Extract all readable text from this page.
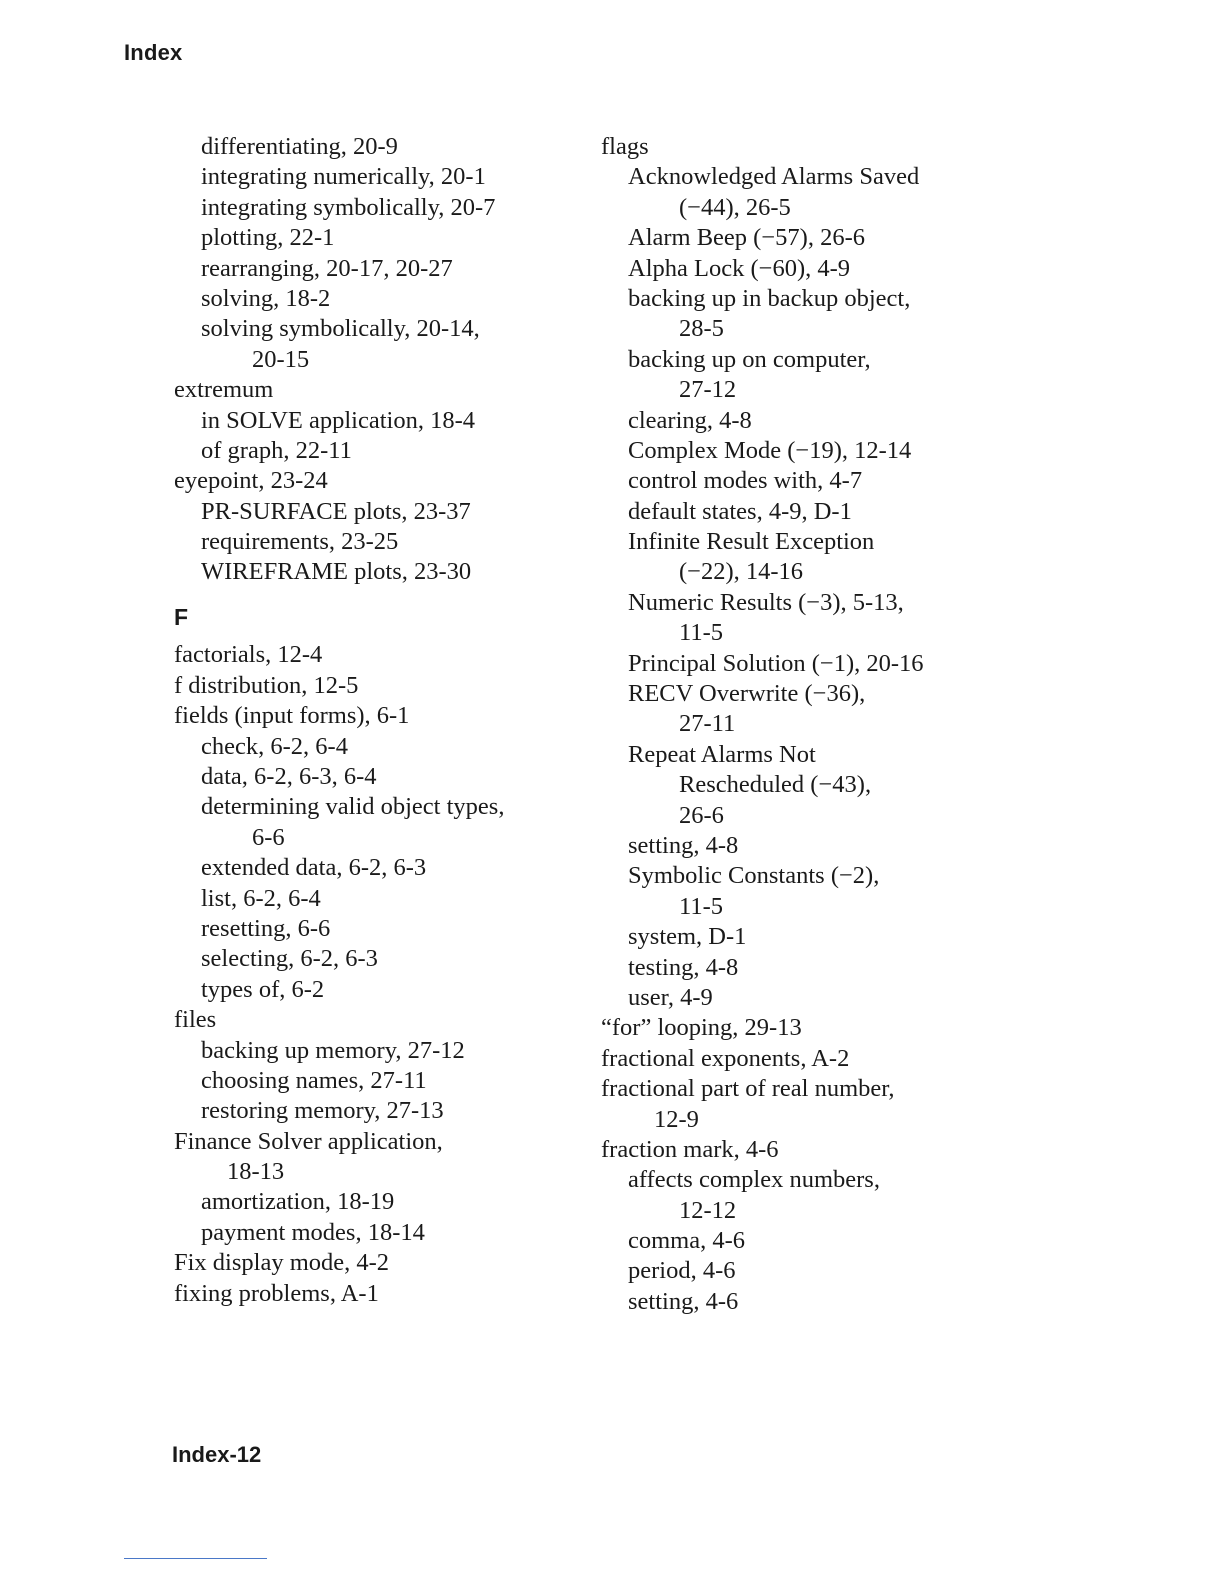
Index
differentiating, 20-9
integrating numerically, 20-1
integrating symbolically, 20-7
plotting, 22-1
rearranging, 20-17, 20-27
solving, 18-2
solving symbolically, 20-14,
20-15
extremum
in SOLVE application, 18-4
of graph, 22-11
eyepoint, 23-24
PR-SURFACE plots, 23-37
requirements, 23-25
WIREFRAME plots, 23-30
F
factorials, 12-4
f distribution, 12-5
fields (input forms), 6-1
check, 6-2, 6-4
data, 6-2, 6-3, 6-4
determining valid object types,
6-6
extended data, 6-2, 6-3
list, 6-2, 6-4
resetting, 6-6
selecting, 6-2, 6-3
types of, 6-2
files
backing up memory, 27-12
choosing names, 27-11
restoring memory, 27-13
Finance Solver application,
18-13
amortization, 18-19
payment modes, 18-14
Fix display mode, 4-2
fixing problems, A-1
flags
Acknowledged Alarms Saved
(−44), 26-5
Alarm Beep (−57), 26-6
Alpha Lock (−60), 4-9
backing up in backup object,
28-5
backing up on computer,
27-12
clearing, 4-8
Complex Mode (−19), 12-14
control modes with, 4-7
default states, 4-9, D-1
Infinite Result Exception
(−22), 14-16
Numeric Results (−3), 5-13,
11-5
Principal Solution (−1), 20-16
RECV Overwrite (−36),
27-11
Repeat Alarms Not
Rescheduled (−43),
26-6
setting, 4-8
Symbolic Constants (−2),
11-5
system, D-1
testing, 4-8
user, 4-9
“for” looping, 29-13
fractional exponents, A-2
fractional part of real number,
12-9
fraction mark, 4-6
affects complex numbers,
12-12
comma, 4-6
period, 4-6
setting, 4-6
Index-12
